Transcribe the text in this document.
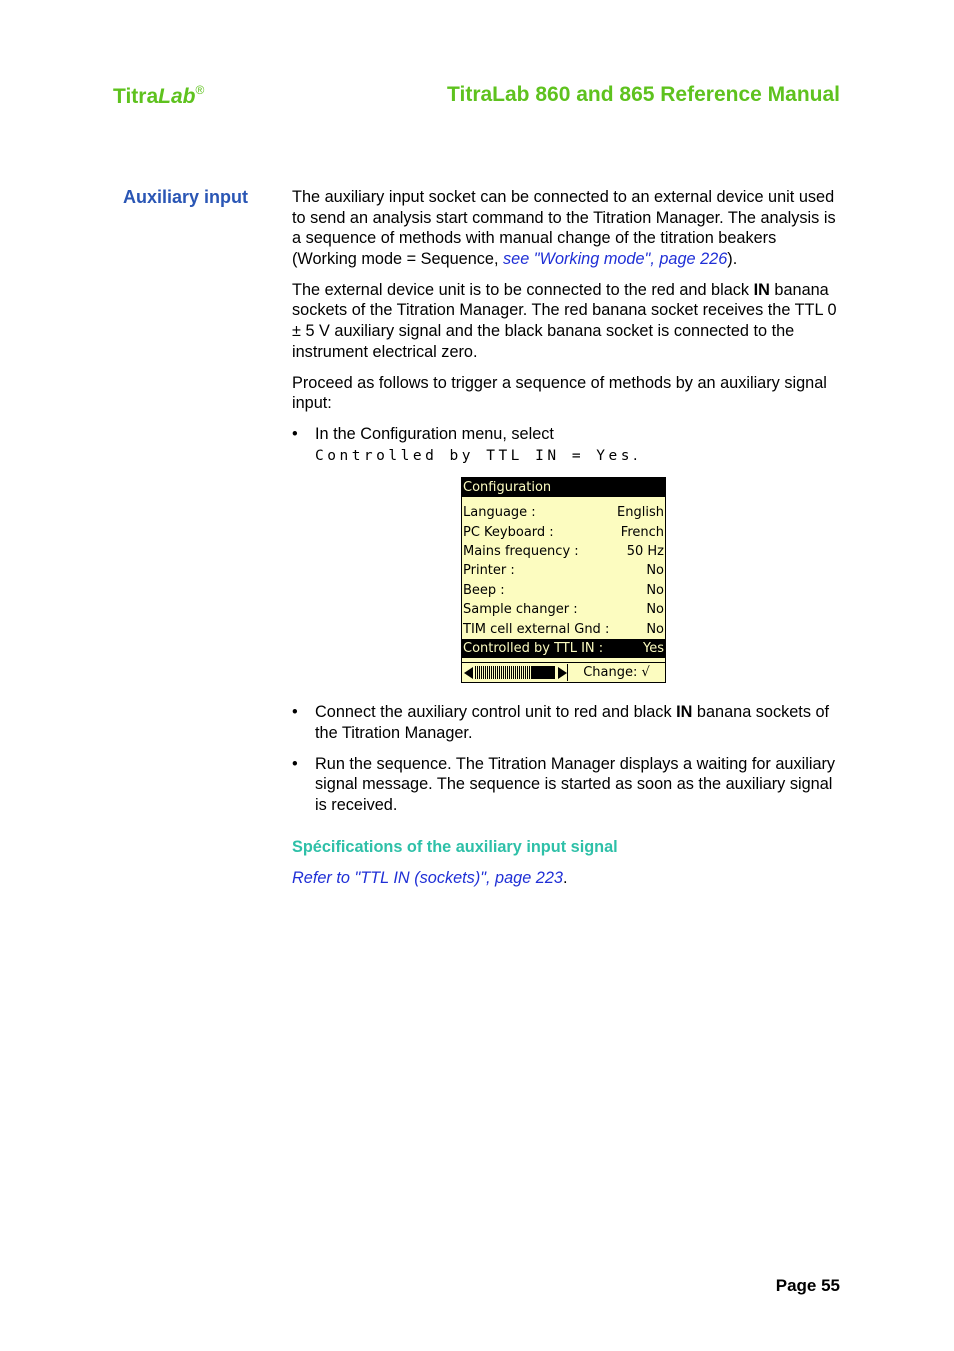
TitraLab®	TitraLab 860 and 865 Reference Manual
Auxiliary input	The auxiliary input socket can be connected to an external device unit used to send an analysis start command to the Titration Manager. The analysis is a sequence of methods with manual change of the titration beakers (Working mode = Sequence, see "Working mode", page 226).

The external device unit is to be connected to the red and black IN banana sockets of the Titration Manager. The red banana socket receives the TTL 0 ± 5 V auxiliary signal and the black banana socket is connected to the instrument electrical zero.

Proceed as follows to trigger a sequence of methods by an auxiliary signal input:

• In the Configuration menu, select
Controlled by TTL IN = Yes.
Configuration
Language :	English
PC Keyboard :	French
Mains frequency :	50 Hz
Printer :	No
Beep :	No
Sample changer :	No
TIM cell external Gnd :	No
Controlled by TTL IN :	Yes
Change: √
• Connect the auxiliary control unit to red and black IN banana sockets of the Titration Manager.
• Run the sequence. The Titration Manager displays a waiting for auxiliary signal message. The sequence is started as soon as the auxiliary signal is received.

Spécifications of the auxiliary input signal

Refer to "TTL IN (sockets)", page 223.

Page 55
